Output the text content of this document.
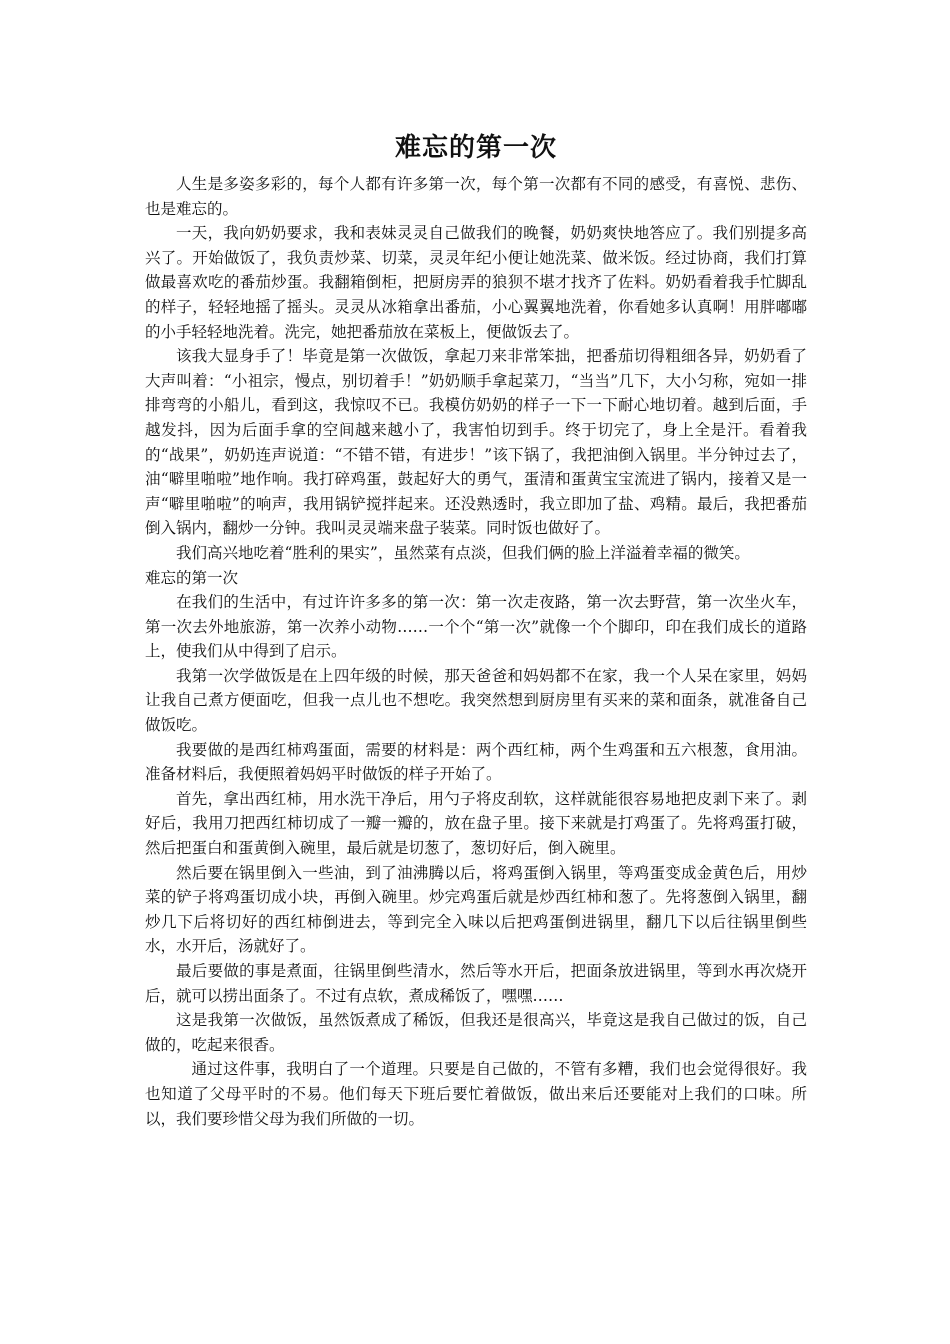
难忘的第一次

人生是多姿多彩的，每个人都有许多第一次，每个第一次都有不同的感受，有喜悦、悲伤、也是难忘的。

一天，我向奶奶要求，我和表妹灵灵自己做我们的晚餐，奶奶爽快地答应了。我们别提多高兴了。开始做饭了，我负责炒菜、切菜，灵灵年纪小便让她洗菜、做米饭。经过协商，我们打算做最喜欢吃的番茄炒蛋。我翻箱倒柜，把厨房弄的狼狈不堪才找齐了佐料。奶奶看着我手忙脚乱的样子，轻轻地摇了摇头。灵灵从冰箱拿出番茄，小心翼翼地洗着，你看她多认真啊！用胖嘟嘟的小手轻轻地洗着。洗完，她把番茄放在菜板上，便做饭去了。

该我大显身手了！毕竟是第一次做饭，拿起刀来非常笨拙，把番茄切得粗细各异，奶奶看了大声叫着：“小祖宗，慢点，别切着手！”奶奶顺手拿起菜刀，“当当”几下，大小匀称，宛如一排排弯弯的小船儿，看到这，我惊叹不已。我模仿奶奶的样子一下一下耐心地切着。越到后面，手越发抖，因为后面手拿的空间越来越小了，我害怕切到手。终于切完了，身上全是汗。看着我的“战果”，奶奶连声说道：“不错不错，有进步！”该下锅了，我把油倒入锅里。半分钟过去了，油“噼里啪啦”地作响。我打碎鸡蛋，鼓起好大的勇气，蛋清和蛋黄宝宝流进了锅内，接着又是一声“噼里啪啦”的响声，我用锅铲搅拌起来。还没熟透时，我立即加了盐、鸡精。最后，我把番茄倒入锅内，翻炒一分钟。我叫灵灵端来盘子装菜。同时饭也做好了。

我们高兴地吃着“胜利的果实”，虽然菜有点淡，但我们俩的脸上洋溢着幸福的微笑。

难忘的第一次

在我们的生活中，有过许许多多的第一次：第一次走夜路，第一次去野营，第一次坐火车，第一次去外地旅游，第一次养小动物……一个个“第一次”就像一个个脚印，印在我们成长的道路上，使我们从中得到了启示。

我第一次学做饭是在上四年级的时候，那天爸爸和妈妈都不在家，我一个人呆在家里，妈妈让我自己煮方便面吃，但我一点儿也不想吃。我突然想到厨房里有买来的菜和面条，就准备自己做饭吃。

我要做的是西红柿鸡蛋面，需要的材料是：两个西红柿，两个生鸡蛋和五六根葱，食用油。准备材料后，我便照着妈妈平时做饭的样子开始了。

首先，拿出西红柿，用水洗干净后，用勺子将皮刮软，这样就能很容易地把皮剥下来了。剥好后，我用刀把西红柿切成了一瓣一瓣的，放在盘子里。接下来就是打鸡蛋了。先将鸡蛋打破，然后把蛋白和蛋黄倒入碗里，最后就是切葱了，葱切好后，倒入碗里。

然后要在锅里倒入一些油，到了油沸腾以后，将鸡蛋倒入锅里，等鸡蛋变成金黄色后，用炒菜的铲子将鸡蛋切成小块，再倒入碗里。炒完鸡蛋后就是炒西红柿和葱了。先将葱倒入锅里，翻炒几下后将切好的西红柿倒进去，等到完全入味以后把鸡蛋倒进锅里，翻几下以后往锅里倒些水，水开后，汤就好了。

最后要做的事是煮面，往锅里倒些清水，然后等水开后，把面条放进锅里，等到水再次烧开后，就可以捞出面条了。不过有点软，煮成稀饭了，嘿嘿……

这是我第一次做饭，虽然饭煮成了稀饭，但我还是很高兴，毕竟这是我自己做过的饭，自己做的，吃起来很香。

通过这件事，我明白了一个道理。只要是自己做的，不管有多糟，我们也会觉得很好。我也知道了父母平时的不易。他们每天下班后要忙着做饭，做出来后还要能对上我们的口味。所以，我们要珍惜父母为我们所做的一切。
